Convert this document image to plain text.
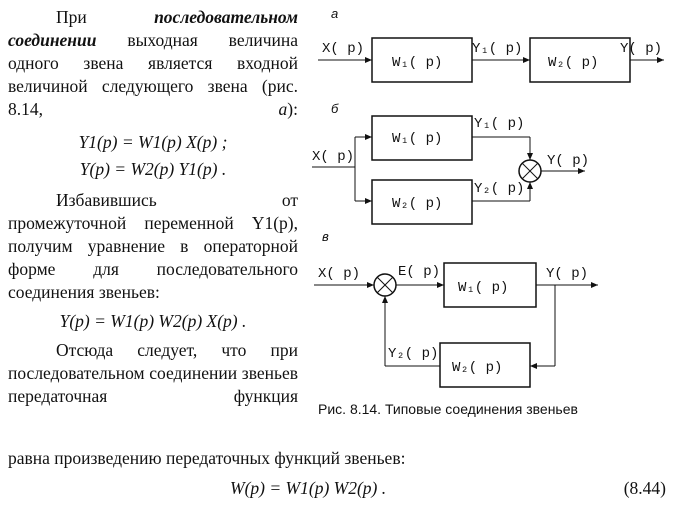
При последовательном соединении выходная величина одного звена является входной величиной следующего звена (рис. 8.14, а):
Y1(p) = W1(p) X(p) ;
Y(p) = W2(p) Y1(p) .
Избавившись от промежуточной переменной Y1(p), получим уравнение в операторной форме для последовательного соединения звеньев:
Y(p) = W1(p) W2(p) X(p) .
Отсюда следует, что при последовательном соединении звеньев передаточная функция
а
X( p)
W₁( p)
Y₁( p)
W₂( p)
Y( p)
б
X( p)
W₁( p)
W₂( p)
Y₁( p)
Y₂( p)
Y( p)
в
X( p)	E( p)
W₁( p)
Y( p)
Y₂( p)
W₂( p)
Рис. 8.14. Типовые соединения звеньев
равна произведению передаточных функций звеньев:
W(p) = W1(p) W2(p) .	(8.44)
